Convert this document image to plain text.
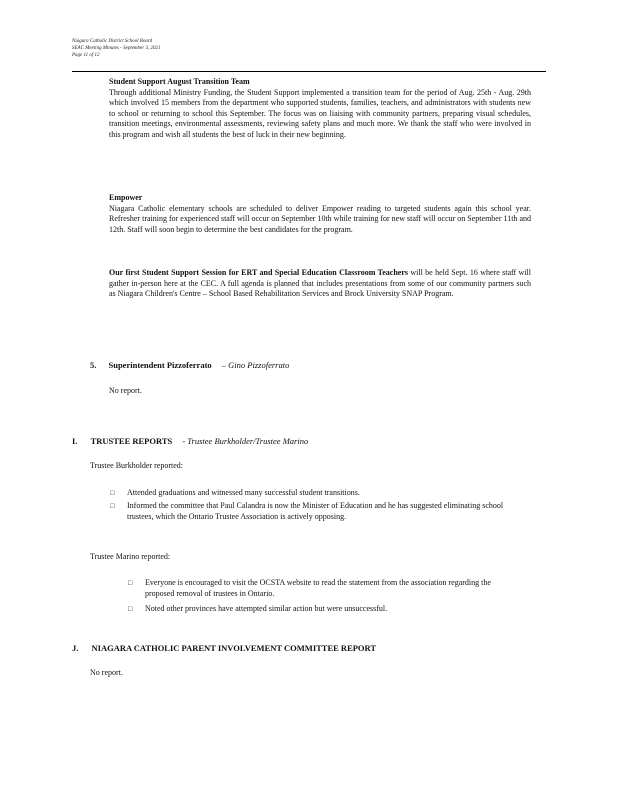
Niagara Catholic District School Board
SEAC Meeting Minutes - September 3, 2021
Page 11 of 12
Student Support August Transition Team

Through additional Ministry Funding, the Student Support implemented a transition team for the period of Aug. 25th - Aug. 29th which involved 15 members from the department who supported students, families, teachers, and administrators with students new to school or returning to school this September. The focus was on liaising with community partners, preparing visual schedules, transition meetings, environmental assessments, reviewing safety plans and much more. We thank the staff who were involved in this program and wish all students the best of luck in their new beginning.

Empower

Niagara Catholic elementary schools are scheduled to deliver Empower reading to targeted students again this school year. Refresher training for experienced staff will occur on September 10th while training for new staff will occur on September 11th and 12th. Staff will soon begin to determine the best candidates for the program.

Our first Student Support Session for ERT and Special Education Classroom Teachers will be held Sept. 16 where staff will gather in-person here at the CEC. A full agenda is planned that includes presentations from some of our community partners such as Niagara Children's Centre – School Based Rehabilitation Services and Brock University SNAP Program.

5. Superintendent Pizzoferrato – Gino Pizzoferrato
No report.
I. TRUSTEE REPORTS - Trustee Burkholder/Trustee Marino
Trustee Burkholder reported:
□ Attended graduations and witnessed many successful student transitions.

□ Informed the committee that Paul Calandra is now the Minister of Education and he has suggested eliminating school trustees, which the Ontario Trustee Association is actively opposing.

Trustee Marino reported:
□ Everyone is encouraged to visit the OCSTA website to read the statement from the association regarding the proposed removal of trustees in Ontario.

□ Noted other provinces have attempted similar action but were unsuccessful.

J. NIAGARA CATHOLIC PARENT INVOLVEMENT COMMITTEE REPORT
No report.
